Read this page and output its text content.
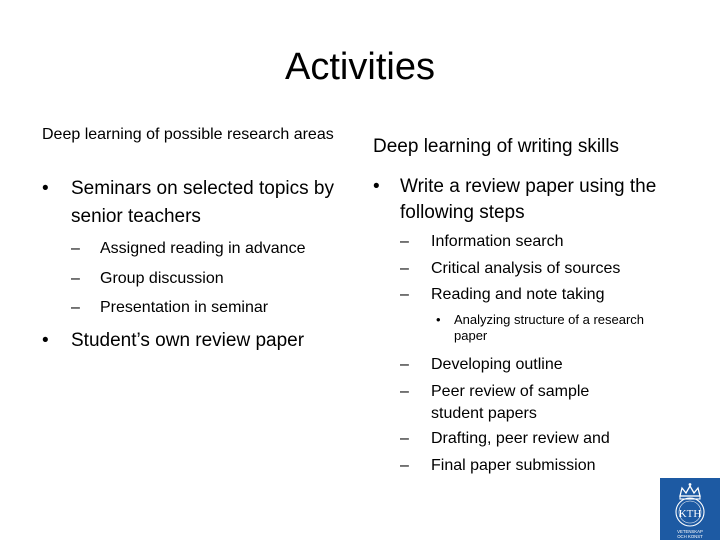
Activities
Deep learning of possible research areas
•	Seminars on selected topics by senior teachers
–	Assigned reading in advance
–	Group discussion
–	Presentation in seminar
•	Student’s own review paper
Deep learning of writing skills
•	Write a review paper using the following steps
–	Information search
–	Critical analysis of sources
–	Reading and note taking
•	Analyzing structure of a research paper
–	Developing outline
–	Peer review of sample student papers
–	Drafting, peer review and
–	Final paper submission
KTH
VETENSKAP
OCH KONST
